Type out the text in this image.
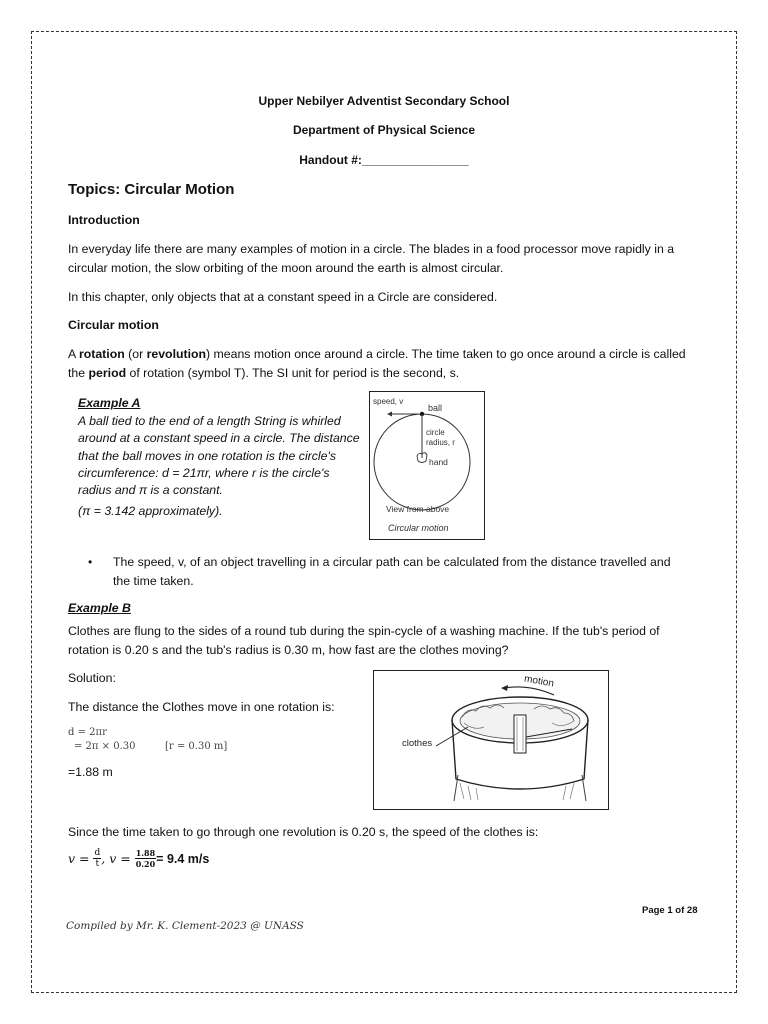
Upper Nebilyer Adventist Secondary School
Department of Physical Science
Handout #:________________
Topics: Circular Motion
Introduction
In everyday life there are many examples of motion in a circle. The blades in a food processor move rapidly in a
circular motion, the slow orbiting of the moon around the earth is almost circular.
In this chapter, only objects that at a constant speed in a Circle are considered.
Circular motion
A rotation (or revolution) means motion once around a circle. The time taken to go once around a circle is called
the period of rotation (symbol T). The SI unit for period is the second, s.
Example A
A ball tied to the end of a length String is whirled
around at a constant speed in a circle. The distance
that the ball moves in one rotation is the circle's
circumference: d = 21πr, where r is the circle's
radius and π is a constant.
(π = 3.142 approximately).
speed, v
ball
circle
radius, r
hand
View from above
Circular motion
• The speed, v, of an object travelling in a circular path can be calculated from the distance travelled and
the time taken.
Example B
Clothes are flung to the sides of a round tub during the spin-cycle of a washing machine. If the tub's period of
rotation is 0.20 s and the tub's radius is 0.30 m, how fast are the clothes moving?
Solution:
The distance the Clothes move in one rotation is:
d = 2πr
= 2π × 0.30	[r = 0.30 m]
=1.88 m
motion
clothes
Since the time taken to go through one revolution is 0.20 s, the speed of the clothes is:
$v = \frac{d}{t}$ , $v = \frac{1.88}{0.20} = 9.4$ m/s
Page 1 of 28
Compiled by Mr. K. Clement-2023 @ UNASS
